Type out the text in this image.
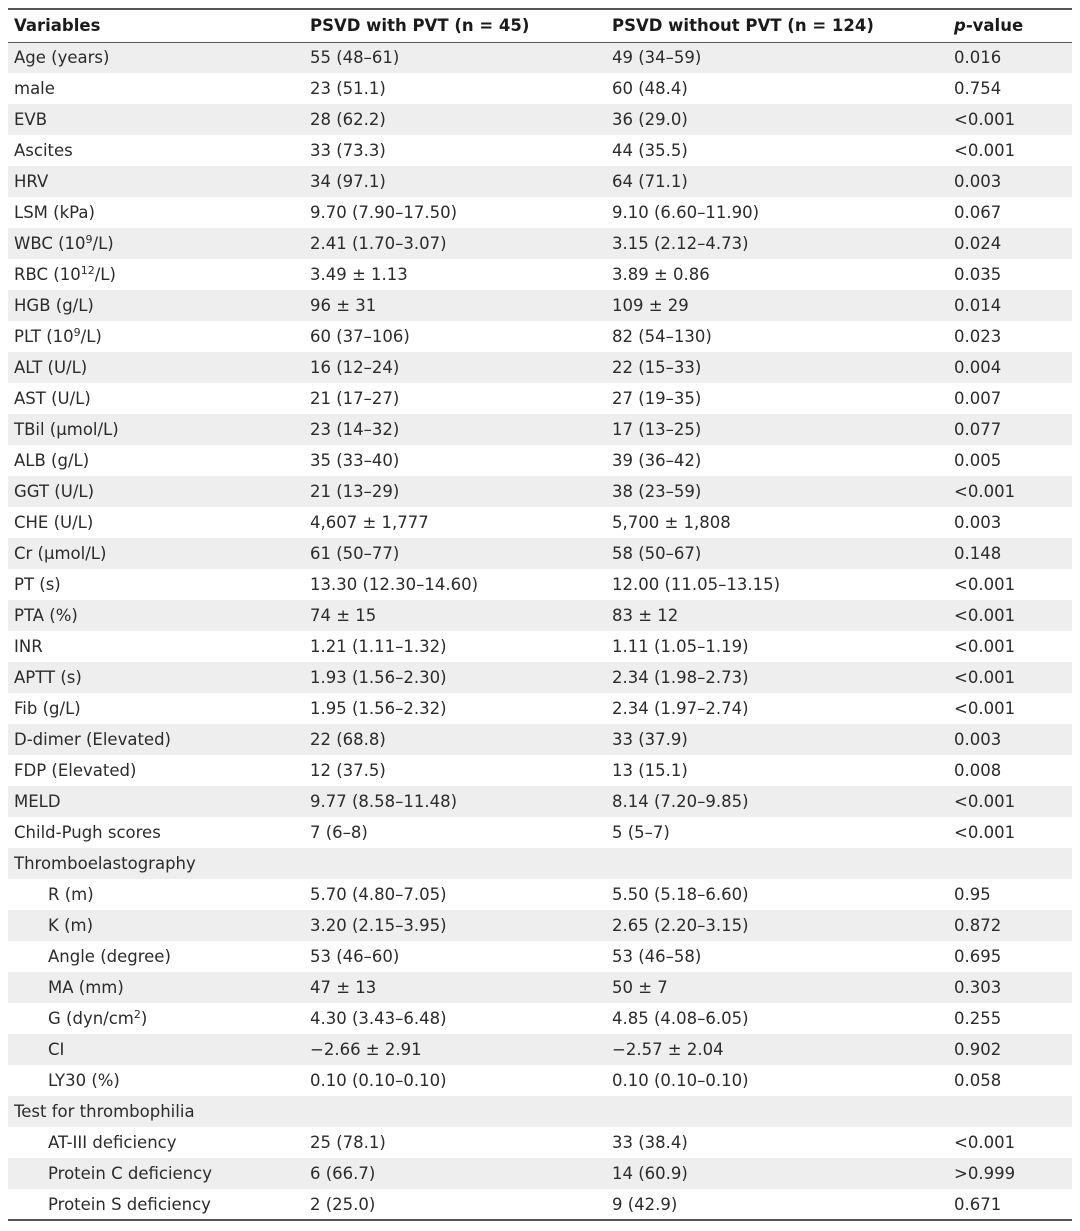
Variables	PSVD with PVT (n = 45)	PSVD without PVT (n = 124)	p-value
Age (years)	55 (48–61)	49 (34–59)	0.016
male	23 (51.1)	60 (48.4)	0.754
EVB	28 (62.2)	36 (29.0)	<0.001
Ascites	33 (73.3)	44 (35.5)	<0.001
HRV	34 (97.1)	64 (71.1)	0.003
LSM (kPa)	9.70 (7.90–17.50)	9.10 (6.60–11.90)	0.067
WBC $(10^9/L)$	2.41 (1.70–3.07)	3.15 (2.12–4.73)	0.024
RBC $(10^{12}/L)$	3.49 ± 1.13	3.89 ± 0.86	0.035
HGB (g/L)	96 ± 31	109 ± 29	0.014
PLT $(10^9/L)$	60 (37–106)	82 (54–130)	0.023
ALT (U/L)	16 (12–24)	22 (15–33)	0.004
AST (U/L)	21 (17–27)	27 (19–35)	0.007
TBil (μmol/L)	23 (14–32)	17 (13–25)	0.077
ALB (g/L)	35 (33–40)	39 (36–42)	0.005
GGT (U/L)	21 (13–29)	38 (23–59)	<0.001
CHE (U/L)	4,607 ± 1,777	5,700 ± 1,808	0.003
Cr (μmol/L)	61 (50–77)	58 (50–67)	0.148
PT (s)	13.30 (12.30–14.60)	12.00 (11.05–13.15)	<0.001
PTA (%)	74 ± 15	83 ± 12	<0.001
INR	1.21 (1.11–1.32)	1.11 (1.05–1.19)	<0.001
APTT (s)	1.93 (1.56–2.30)	2.34 (1.98–2.73)	<0.001
Fib (g/L)	1.95 (1.56–2.32)	2.34 (1.97–2.74)	<0.001
D-dimer (Elevated)	22 (68.8)	33 (37.9)	0.003
FDP (Elevated)	12 (37.5)	13 (15.1)	0.008
MELD	9.77 (8.58–11.48)	8.14 (7.20–9.85)	<0.001
Child-Pugh scores	7 (6–8)	5 (5–7)	<0.001
Thromboelastography			
R (m)	5.70 (4.80–7.05)	5.50 (5.18–6.60)	0.95
K (m)	3.20 (2.15–3.95)	2.65 (2.20–3.15)	0.872
Angle (degree)	53 (46–60)	53 (46–58)	0.695
MA (mm)	47 ± 13	50 ± 7	0.303
G $(dyn/cm^2)$	4.30 (3.43–6.48)	4.85 (4.08–6.05)	0.255
CI	−2.66 ± 2.91	−2.57 ± 2.04	0.902
LY30 (%)	0.10 (0.10–0.10)	0.10 (0.10–0.10)	0.058
Test for thrombophilia			
AT-III deficiency	25 (78.1)	33 (38.4)	<0.001
Protein C deficiency	6 (66.7)	14 (60.9)	>0.999
Protein S deficiency	2 (25.0)	9 (42.9)	0.671
